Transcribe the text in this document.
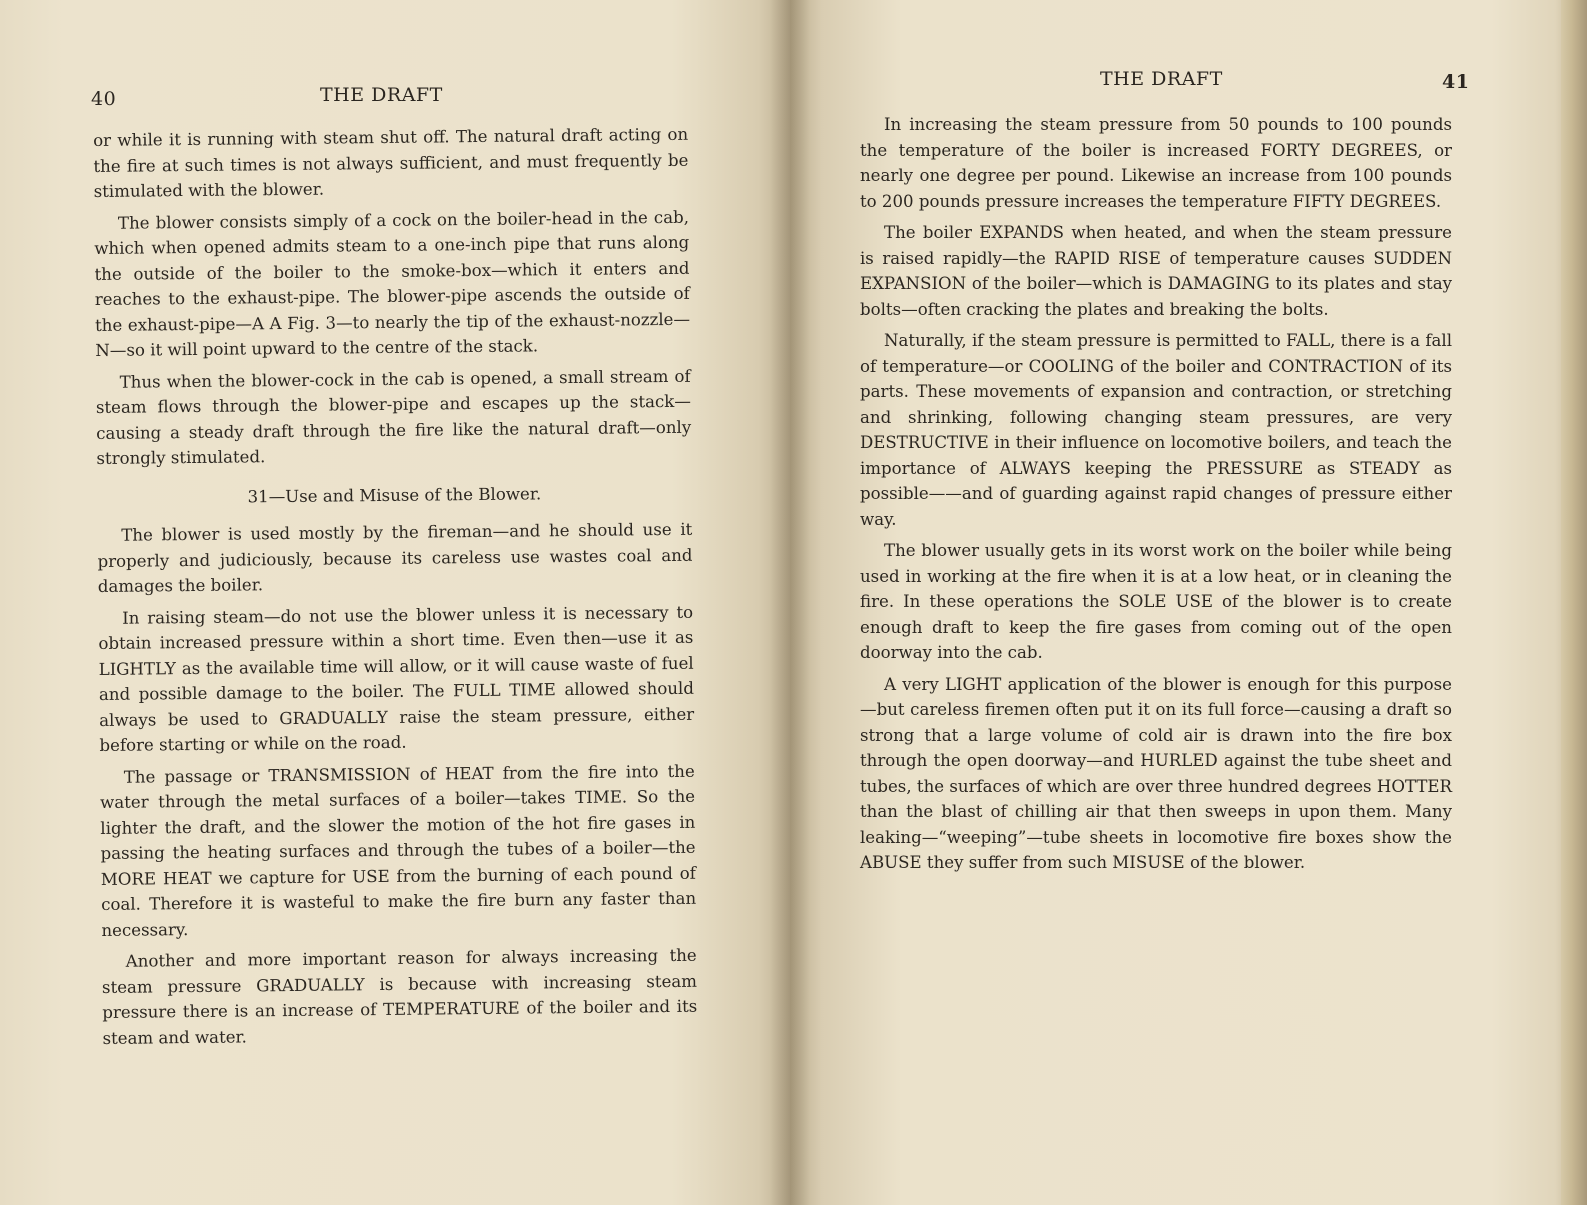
40	THE DRAFT

or while it is running with steam shut off. The natural draft acting on the fire at such times is not always sufficient, and must frequently be stimulated with the blower.

The blower consists simply of a cock on the boiler-head in the cab, which when opened admits steam to a one-inch pipe that runs along the outside of the boiler to the smoke-box—which it enters and reaches to the exhaust-pipe. The blower-pipe ascends the outside of the exhaust-pipe—A A Fig. 3—to nearly the tip of the exhaust-nozzle—N—so it will point upward to the centre of the stack.

Thus when the blower-cock in the cab is opened, a small stream of steam flows through the blower-pipe and escapes up the stack—causing a steady draft through the fire like the natural draft—only strongly stimulated.

31—Use and Misuse of the Blower.

The blower is used mostly by the fireman—and he should use it properly and judiciously, because its careless use wastes coal and damages the boiler.

In raising steam—do not use the blower unless it is necessary to obtain increased pressure within a short time. Even then—use it as LIGHTLY as the available time will allow, or it will cause waste of fuel and possible damage to the boiler. The FULL TIME allowed should always be used to GRADUALLY raise the steam pressure, either before starting or while on the road.

The passage or TRANSMISSION of HEAT from the fire into the water through the metal surfaces of a boiler—takes TIME. So the lighter the draft, and the slower the motion of the hot fire gases in passing the heating surfaces and through the tubes of a boiler—the MORE HEAT we capture for USE from the burning of each pound of coal. Therefore it is wasteful to make the fire burn any faster than necessary.

Another and more important reason for always increasing the steam pressure GRADUALLY is because with increasing steam pressure there is an increase of TEMPERATURE of the boiler and its steam and water.

THE DRAFT	41

In increasing the steam pressure from 50 pounds to 100 pounds the temperature of the boiler is increased FORTY DEGREES, or nearly one degree per pound. Likewise an increase from 100 pounds to 200 pounds pressure increases the temperature FIFTY DEGREES.

The boiler EXPANDS when heated, and when the steam pressure is raised rapidly—the RAPID RISE of temperature causes SUDDEN EXPANSION of the boiler—which is DAMAGING to its plates and stay bolts—often cracking the plates and breaking the bolts.

Naturally, if the steam pressure is permitted to FALL, there is a fall of temperature—or COOLING of the boiler and CONTRACTION of its parts. These movements of expansion and contraction, or stretching and shrinking, following changing steam pressures, are very DESTRUCTIVE in their influence on locomotive boilers, and teach the importance of ALWAYS keeping the PRESSURE as STEADY as possible——and of guarding against rapid changes of pressure either way.

The blower usually gets in its worst work on the boiler while being used in working at the fire when it is at a low heat, or in cleaning the fire. In these operations the SOLE USE of the blower is to create enough draft to keep the fire gases from coming out of the open doorway into the cab.

A very LIGHT application of the blower is enough for this purpose—but careless firemen often put it on its full force—causing a draft so strong that a large volume of cold air is drawn into the fire box through the open doorway—and HURLED against the tube sheet and tubes, the surfaces of which are over three hundred degrees HOTTER than the blast of chilling air that then sweeps in upon them. Many leaking—“weeping”—tube sheets in locomotive fire boxes show the ABUSE they suffer from such MISUSE of the blower.
